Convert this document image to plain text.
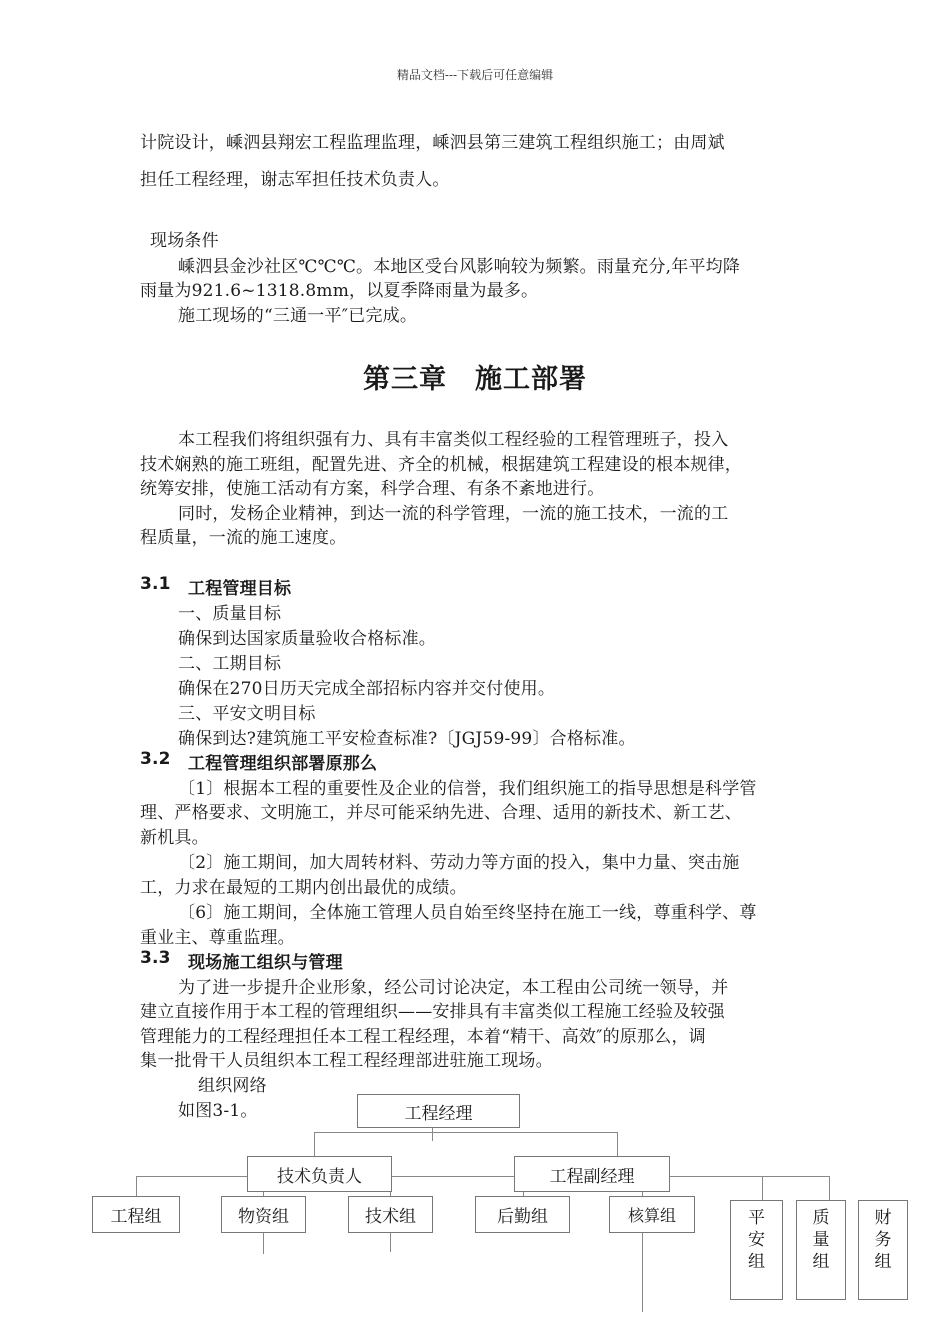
精品文档---下载后可任意编辑
计院设计，嵊泗县翔宏工程监理监理，嵊泗县第三建筑工程组织施工；由周斌
担任工程经理，谢志军担任技术负责人。
现场条件
嵊泗县金沙社区℃℃℃。本地区受台风影响较为频繁。雨量充分,年平均降
雨量为921.6~1318.8mm，以夏季降雨量为最多。
施工现场的“三通一平″已完成。
第三章　施工部署
本工程我们将组织强有力、具有丰富类似工程经验的工程管理班子，投入
技术娴熟的施工班组，配置先进、齐全的机械，根据建筑工程建设的根本规律，
统筹安排，使施工活动有方案，科学合理、有条不紊地进行。
同时，发杨企业精神，到达一流的科学管理，一流的施工技术，一流的工
程质量，一流的施工速度。
3.1 工程管理目标
一、质量目标
确保到达国家质量验收合格标准。
二、工期目标
确保在270日历天完成全部招标内容并交付使用。
三、平安文明目标
确保到达?建筑施工平安检查标准?〔JGJ59-99〕合格标准。
3.2 工程管理组织部署原那么
〔1〕根据本工程的重要性及企业的信誉，我们组织施工的指导思想是科学管
理、严格要求、文明施工，并尽可能采纳先进、合理、适用的新技术、新工艺、
新机具。
〔2〕施工期间，加大周转材料、劳动力等方面的投入，集中力量、突击施
工，力求在最短的工期内创出最优的成绩。
〔6〕施工期间，全体施工管理人员自始至终坚持在施工一线，尊重科学、尊
重业主、尊重监理。
3.3 现场施工组织与管理
为了进一步提升企业形象，经公司讨论决定，本工程由公司统一领导，并
建立直接作用于本工程的管理组织——安排具有丰富类似工程施工经验及较强
管理能力的工程经理担任本工程工程经理，本着“精干、高效″的原那么，调
集一批骨干人员组织本工程工程经理部进驻施工现场。
组织网络
如图3-1。	工程经理
技术负责人	工程副经理
工程组	物资组	技术组	后勤组	核算组	平
安
组
质
量
组
财
务
组
